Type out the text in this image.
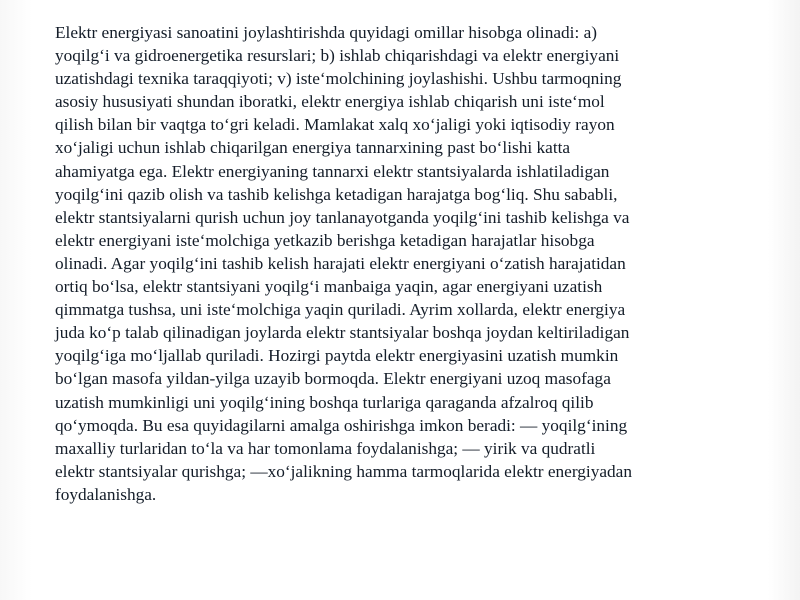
Elektr energiyasi sanoatini joylashtirishda quyidagi omillar hisobga olinadi: a)
yoqilg‘i va gidroenergetika resurslari; b) ishlab chiqarishdagi va elektr energiyani
uzatishdagi texnika taraqqiyoti; v) iste‘molchining joylashishi. Ushbu tarmoqning
asosiy hususiyati shundan iboratki, elektr energiya ishlab chiqarish uni iste‘mol
qilish bilan bir vaqtga to‘gri keladi. Mamlakat xalq xo‘jaligi yoki iqtisodiy rayon
xo‘jaligi uchun ishlab chiqarilgan energiya tannarxining past bo‘lishi katta
ahamiyatga ega. Elektr energiyaning tannarxi elektr stantsiyalarda ishlatiladigan
yoqilg‘ini qazib olish va tashib kelishga ketadigan harajatga bog‘liq. Shu sababli,
elektr stantsiyalarni qurish uchun joy tanlanayotganda yoqilg‘ini tashib kelishga va
elektr energiyani iste‘molchiga yetkazib berishga ketadigan harajatlar hisobga
olinadi. Agar yoqilg‘ini tashib kelish harajati elektr energiyani o‘zatish harajatidan
ortiq bo‘lsa, elektr stantsiyani yoqilg‘i manbaiga yaqin, agar energiyani uzatish
qimmatga tushsa, uni iste‘molchiga yaqin quriladi. Ayrim xollarda, elektr energiya
juda ko‘p talab qilinadigan joylarda elektr stantsiyalar boshqa joydan keltiriladigan
yoqilg‘iga mo‘ljallab quriladi. Hozirgi paytda elektr energiyasini uzatish mumkin
bo‘lgan masofa yildan-yilga uzayib bormoqda. Elektr energiyani uzoq masofaga
uzatish mumkinligi uni yoqilg‘ining boshqa turlariga qaraganda afzalroq qilib
qo‘ymoqda. Bu esa quyidagilarni amalga oshirishga imkon beradi: — yoqilg‘ining
maxalliy turlaridan to‘la va har tomonlama foydalanishga; — yirik va qudratli
elektr stantsiyalar qurishga; —xo‘jalikning hamma tarmoqlarida elektr energiyadan
foydalanishga.
